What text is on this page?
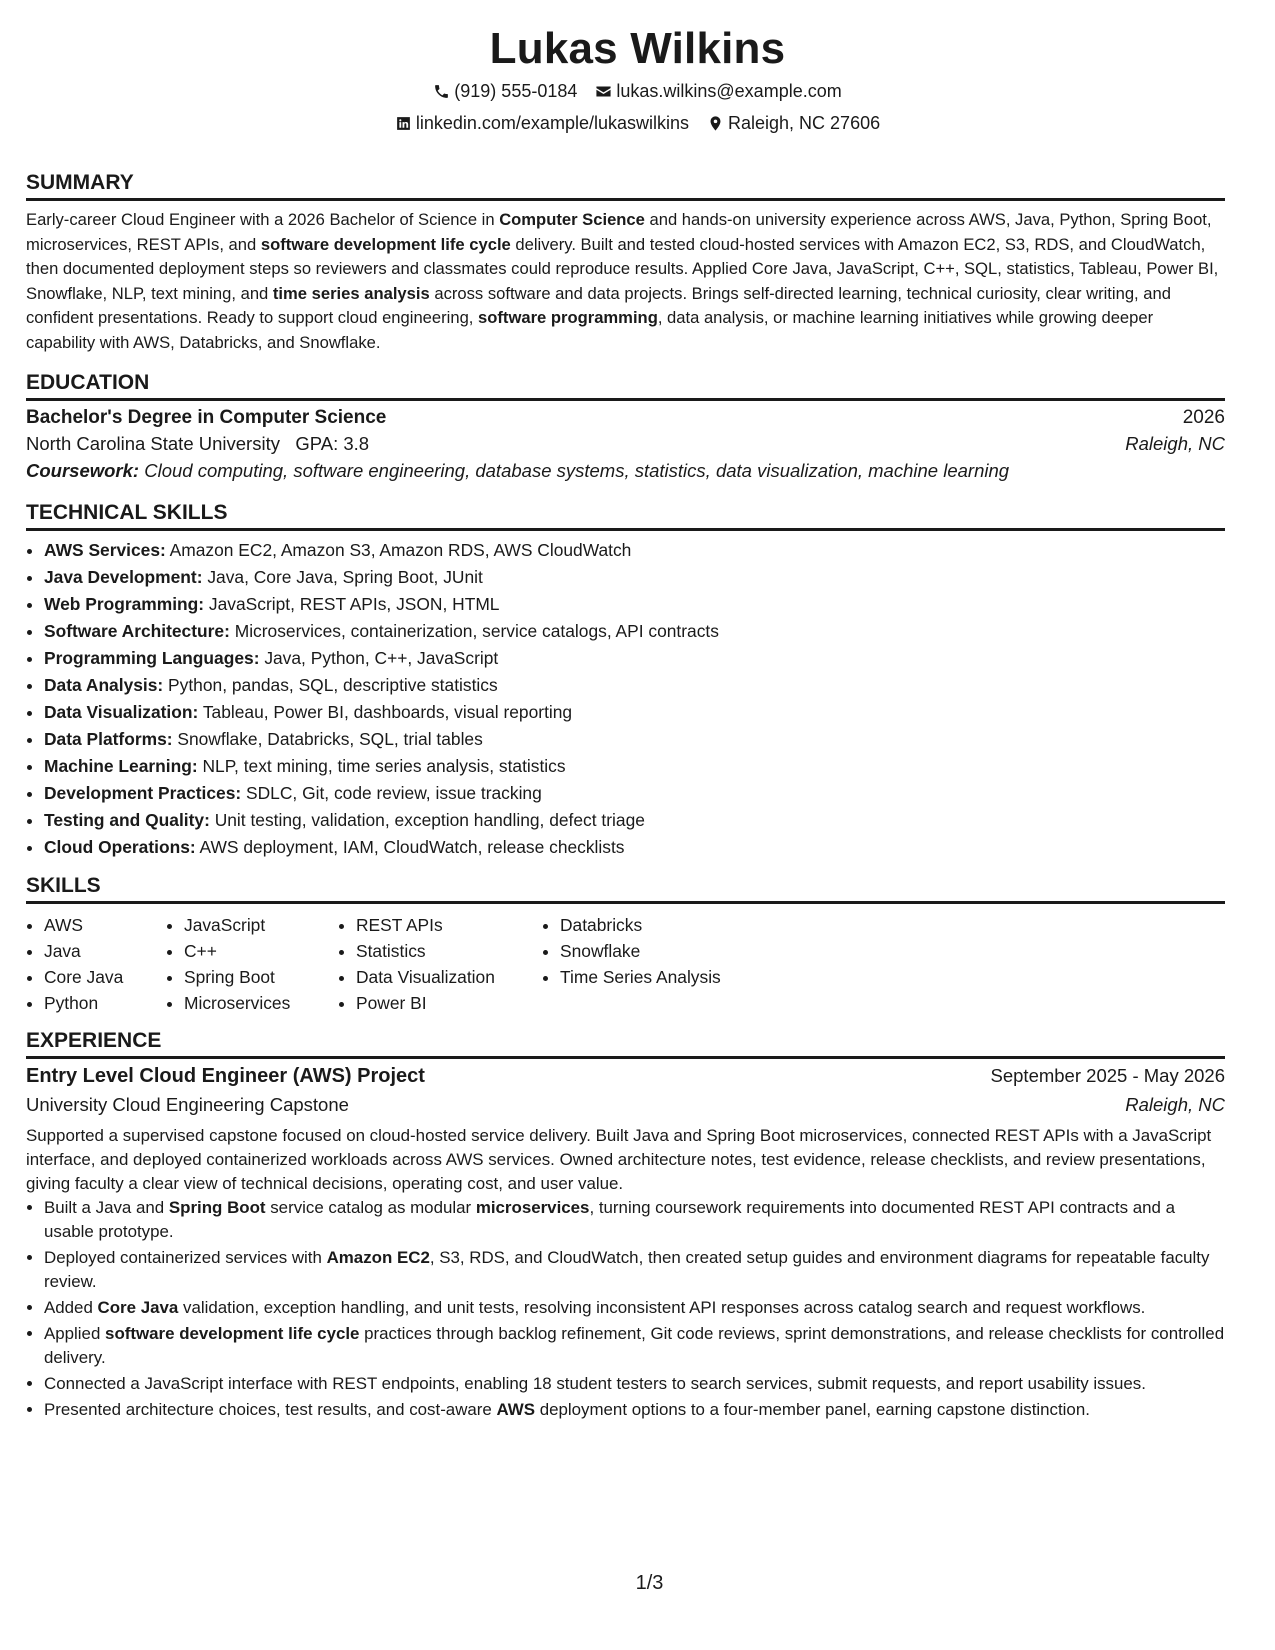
Lukas Wilkins
(919) 555-0184 lukas.wilkins@example.com
linkedin.com/example/lukaswilkins Raleigh, NC 27606
SUMMARY

Early-career Cloud Engineer with a 2026 Bachelor of Science in Computer Science and hands-on university experience across AWS, Java, Python, Spring Boot, microservices, REST APIs, and software development life cycle delivery. Built and tested cloud-hosted services with Amazon EC2, S3, RDS, and CloudWatch, then documented deployment steps so reviewers and classmates could reproduce results. Applied Core Java, JavaScript, C++, SQL, statistics, Tableau, Power BI, Snowflake, NLP, text mining, and time series analysis across software and data projects. Brings self-directed learning, technical curiosity, clear writing, and confident presentations. Ready to support cloud engineering, software programming, data analysis, or machine learning initiatives while growing deeper capability with AWS, Databricks, and Snowflake.

EDUCATION
Bachelor's Degree in Computer Science	2026
North Carolina State University GPA: 3.8	Raleigh, NC
Coursework: Cloud computing, software engineering, database systems, statistics, data visualization, machine learning
TECHNICAL SKILLS
• AWS Services: Amazon EC2, Amazon S3, Amazon RDS, AWS CloudWatch
• Java Development: Java, Core Java, Spring Boot, JUnit
• Web Programming: JavaScript, REST APIs, JSON, HTML
• Software Architecture: Microservices, containerization, service catalogs, API contracts
• Programming Languages: Java, Python, C++, JavaScript
• Data Analysis: Python, pandas, SQL, descriptive statistics
• Data Visualization: Tableau, Power BI, dashboards, visual reporting
• Data Platforms: Snowflake, Databricks, SQL, trial tables
• Machine Learning: NLP, text mining, time series analysis, statistics
• Development Practices: SDLC, Git, code review, issue tracking
• Testing and Quality: Unit testing, validation, exception handling, defect triage
• Cloud Operations: AWS deployment, IAM, CloudWatch, release checklists
SKILLS
• AWS
• Java
• Core Java
• Python
• JavaScript
• C++
• Spring Boot
• Microservices
• REST APIs
• Statistics
• Data Visualization
• Power BI
• Databricks
• Snowflake
• Time Series Analysis
EXPERIENCE
Entry Level Cloud Engineer (AWS) Project	September 2025 - May 2026
University Cloud Engineering Capstone	Raleigh, NC

Supported a supervised capstone focused on cloud-hosted service delivery. Built Java and Spring Boot microservices, connected REST APIs with a JavaScript interface, and deployed containerized workloads across AWS services. Owned architecture notes, test evidence, release checklists, and review presentations, giving faculty a clear view of technical decisions, operating cost, and user value.

• Built a Java and Spring Boot service catalog as modular microservices, turning coursework requirements into documented REST API contracts and a usable prototype.
• Deployed containerized services with Amazon EC2, S3, RDS, and CloudWatch, then created setup guides and environment diagrams for repeatable faculty review.
• Added Core Java validation, exception handling, and unit tests, resolving inconsistent API responses across catalog search and request workflows.
• Applied software development life cycle practices through backlog refinement, Git code reviews, sprint demonstrations, and release checklists for controlled delivery.
• Connected a JavaScript interface with REST endpoints, enabling 18 student testers to search services, submit requests, and report usability issues.
• Presented architecture choices, test results, and cost-aware AWS deployment options to a four-member panel, earning capstone distinction.
1/3
